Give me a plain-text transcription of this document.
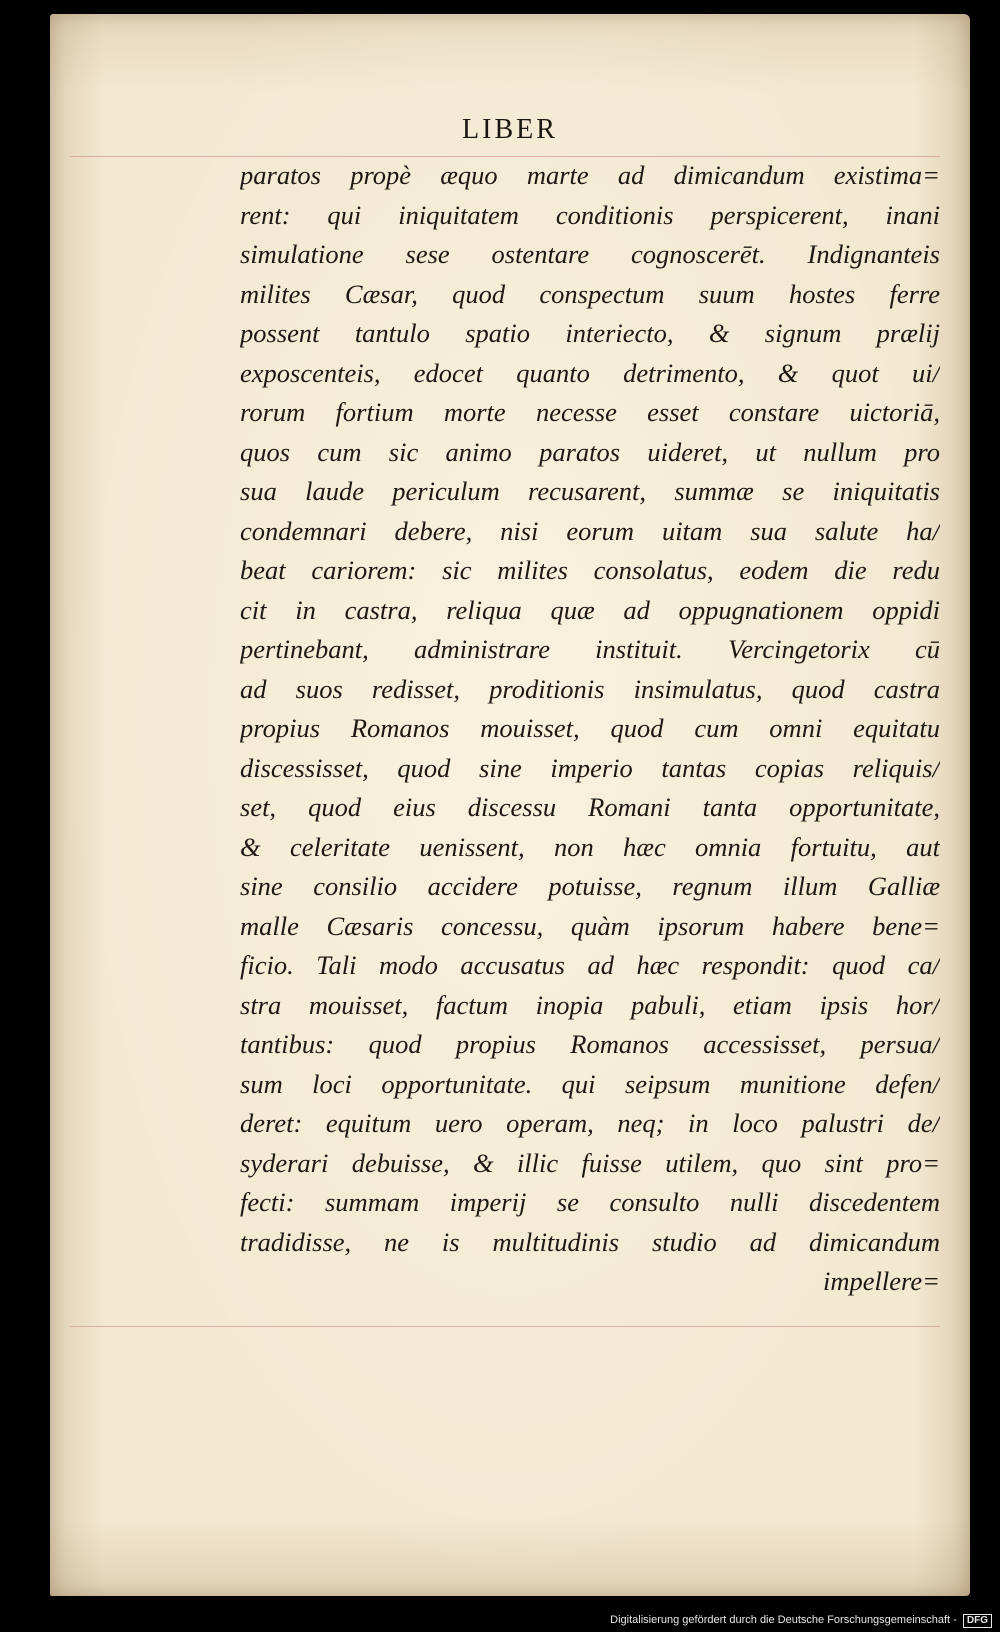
LIBER
paratos propè æquo marte ad dimicandum existima=
rent: qui iniquitatem conditionis perspicerent, inani
simulatione sese ostentare cognoscerēt. Indignanteis
milites Cæsar, quod conspectum suum hostes ferre
possent tantulo spatio interiecto, & signum prælij
exposcenteis, edocet quanto detrimento, & quot ui/
rorum fortium morte necesse esset constare uictoriā,
quos cum sic animo paratos uideret, ut nullum pro
sua laude periculum recusarent, summæ se iniquitatis
condemnari debere, nisi eorum uitam sua salute ha/
beat cariorem: sic milites consolatus, eodem die redu
cit in castra, reliqua quæ ad oppugnationem oppidi
pertinebant, administrare instituit. Vercingetorix cū
ad suos redisset, proditionis insimulatus, quod castra
propius Romanos mouisset, quod cum omni equitatu
discessisset, quod sine imperio tantas copias reliquis/
set, quod eius discessu Romani tanta opportunitate,
& celeritate uenissent, non hæc omnia fortuitu, aut
sine consilio accidere potuisse, regnum illum Galliæ
malle Cæsaris concessu, quàm ipsorum habere bene=
ficio. Tali modo accusatus ad hæc respondit: quod ca/
stra mouisset, factum inopia pabuli, etiam ipsis hor/
tantibus: quod propius Romanos accessisset, persua/
sum loci opportunitate. qui seipsum munitione defen/
deret: equitum uero operam, neq; in loco palustri de/
syderari debuisse, & illic fuisse utilem, quo sint pro=
fecti: summam imperij se consulto nulli discedentem
tradidisse, ne is multitudinis studio ad dimicandum
impellere=
Digitalisierung gefördert durch die Deutsche Forschungsgemeinschaft - DFG
